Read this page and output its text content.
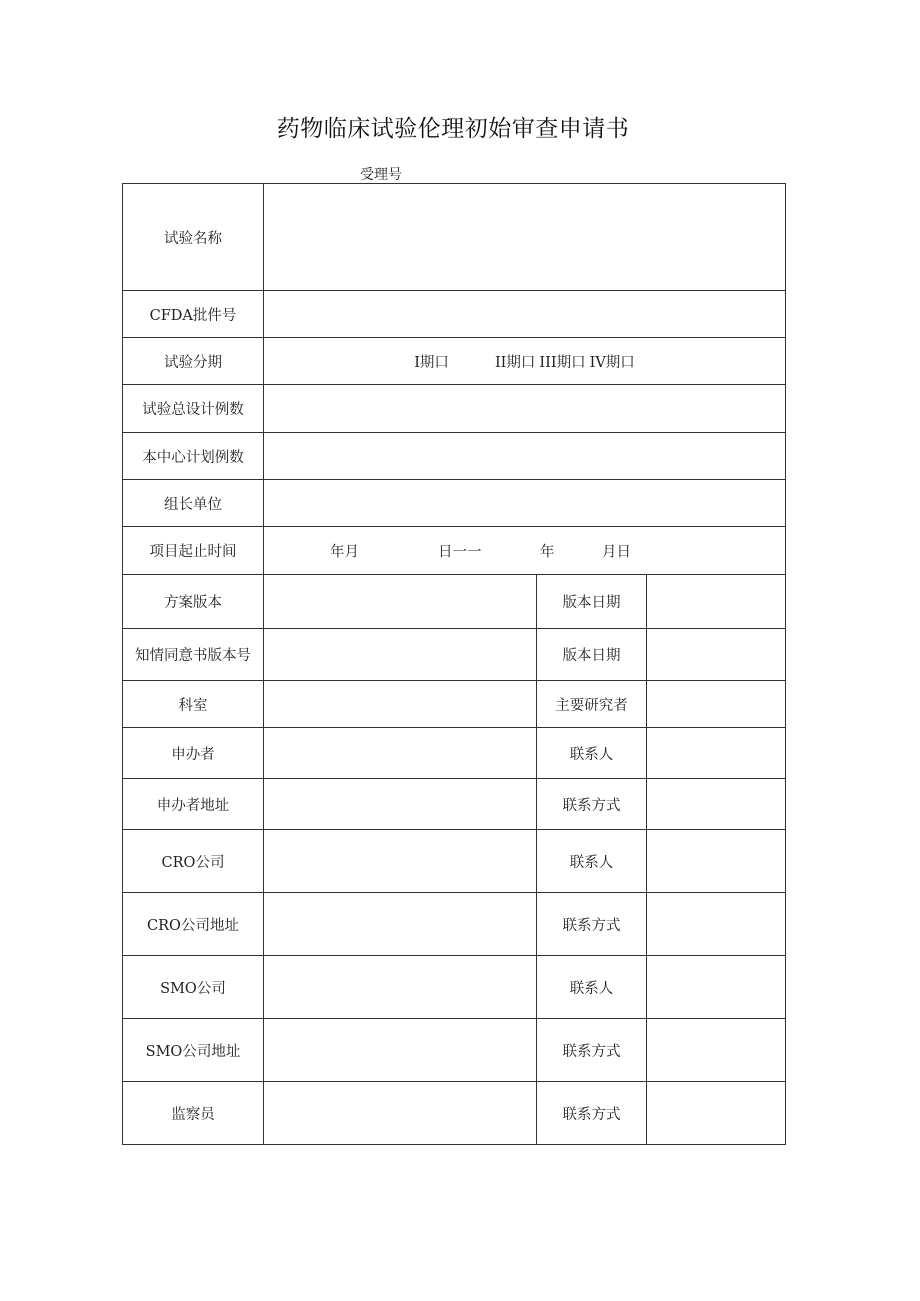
药物临床试验伦理初始审查申请书
受理号
试验名称			
CFDA批件号			
试验分期	I期口 II期口 III期口 IV期口		
试验总设计例数			
本中心计划例数			
组长单位			
项目起止时间	年月 日一一 年 月日		

方案版本		版本日期	
知情同意书版本号		版本日期	
科室		主要研究者	
申办者		联系人	
申办者地址		联系方式	
CRO公司		联系人	
CRO公司地址		联系方式	
SMO公司		联系人	
SMO公司地址		联系方式	
监察员		联系方式	
